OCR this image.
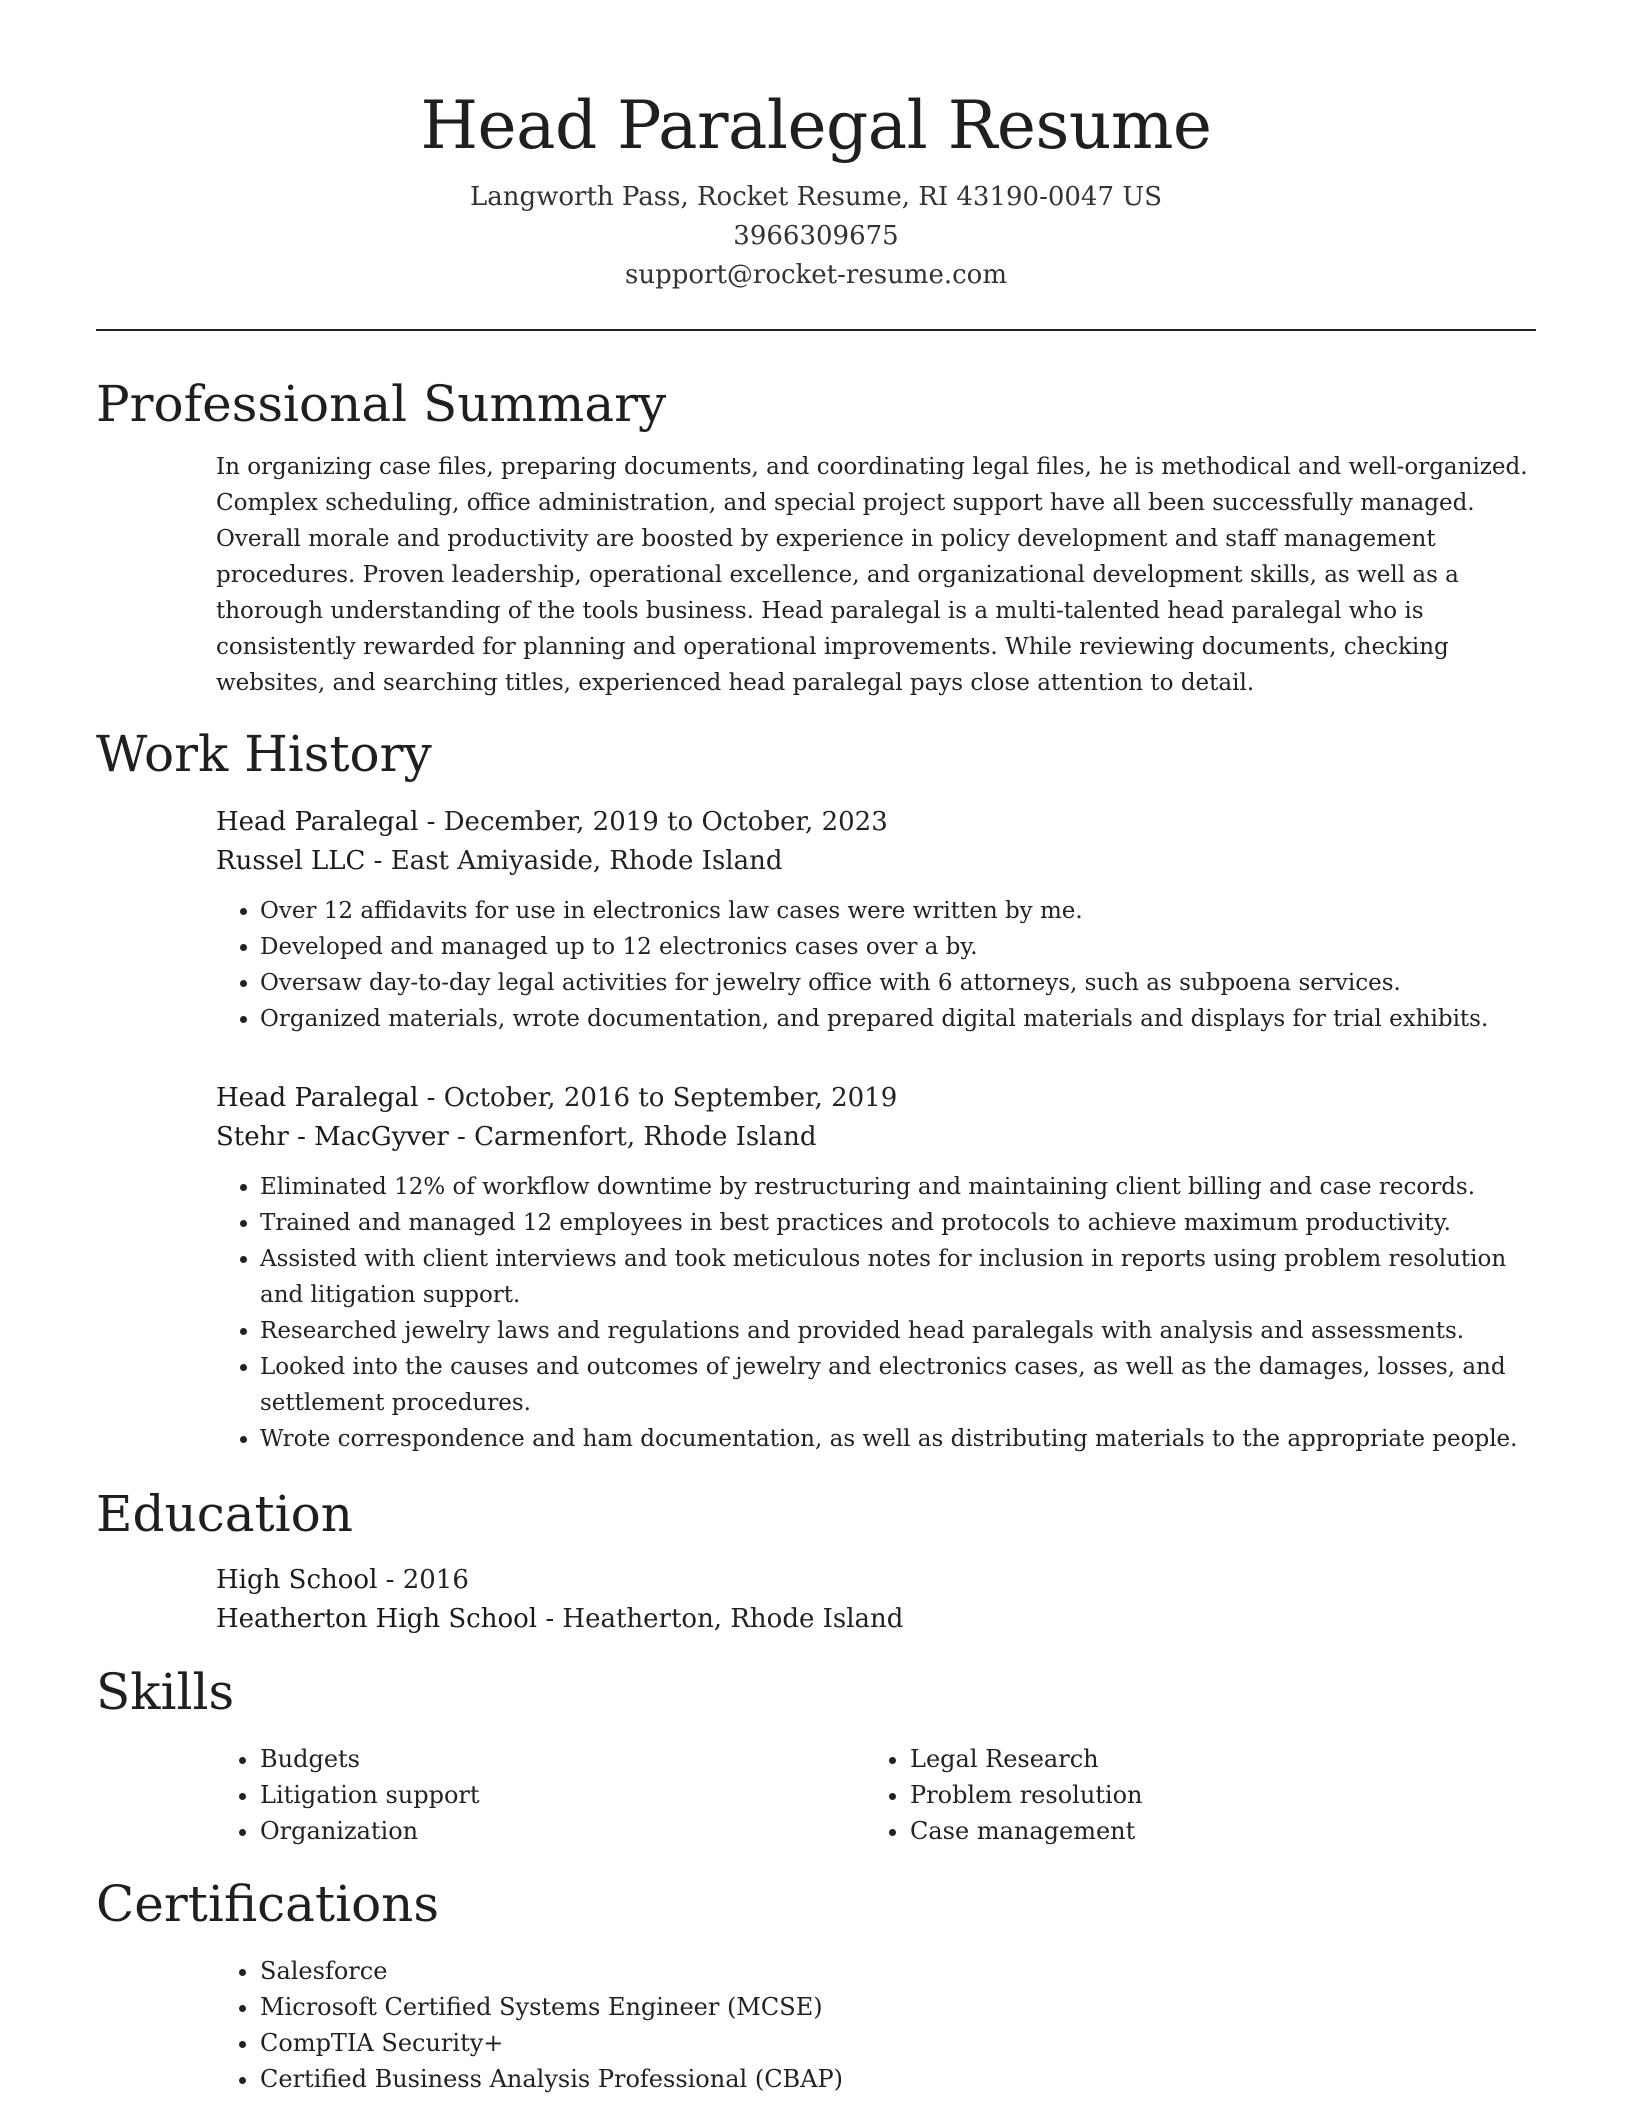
Head Paralegal Resume
Langworth Pass, Rocket Resume, RI 43190-0047 US
3966309675
support@rocket-resume.com
Professional Summary

In organizing case files, preparing documents, and coordinating legal files, he is methodical and well-organized. Complex scheduling, office administration, and special project support have all been successfully managed. Overall morale and productivity are boosted by experience in policy development and staff management procedures. Proven leadership, operational excellence, and organizational development skills, as well as a thorough understanding of the tools business. Head paralegal is a multi-talented head paralegal who is consistently rewarded for planning and operational improvements. While reviewing documents, checking websites, and searching titles, experienced head paralegal pays close attention to detail.

Work History
Head Paralegal - December, 2019 to October, 2023
Russel LLC - East Amiyaside, Rhode Island
• Over 12 affidavits for use in electronics law cases were written by me.
• Developed and managed up to 12 electronics cases over a by.
• Oversaw day-to-day legal activities for jewelry office with 6 attorneys, such as subpoena services.
• Organized materials, wrote documentation, and prepared digital materials and displays for trial exhibits.
Head Paralegal - October, 2016 to September, 2019
Stehr - MacGyver - Carmenfort, Rhode Island
• Eliminated 12% of workflow downtime by restructuring and maintaining client billing and case records.
• Trained and managed 12 employees in best practices and protocols to achieve maximum productivity.
• Assisted with client interviews and took meticulous notes for inclusion in reports using problem resolution and litigation support.
• Researched jewelry laws and regulations and provided head paralegals with analysis and assessments.
• Looked into the causes and outcomes of jewelry and electronics cases, as well as the damages, losses, and settlement procedures.
• Wrote correspondence and ham documentation, as well as distributing materials to the appropriate people.
Education
High School - 2016
Heatherton High School - Heatherton, Rhode Island
Skills
• Budgets
• Litigation support
• Organization
• Legal Research
• Problem resolution
• Case management
Certifications
• Salesforce
• Microsoft Certified Systems Engineer (MCSE)
• CompTIA Security+
• Certified Business Analysis Professional (CBAP)
